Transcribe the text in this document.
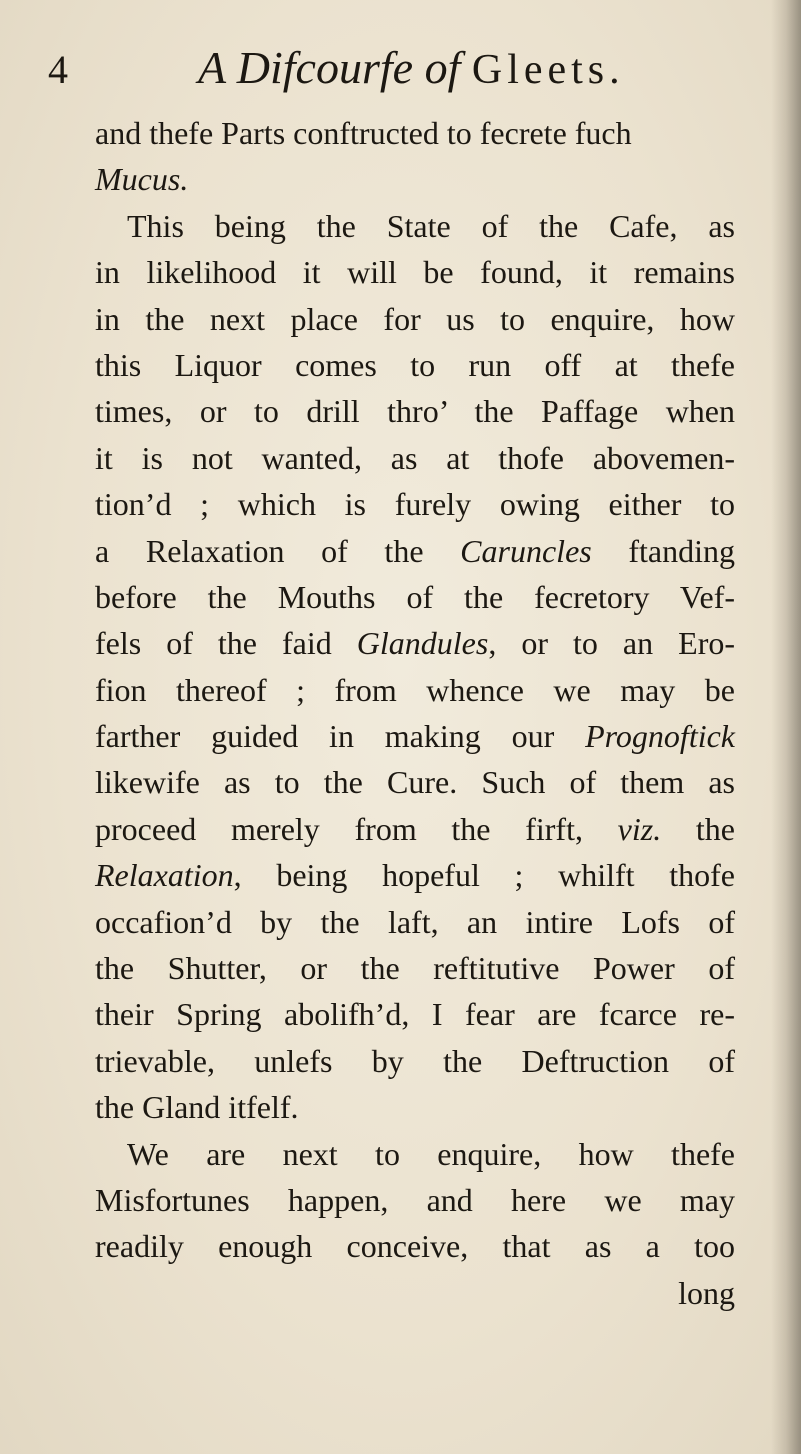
4	A Difcourfe of Gleets.
and thefe Parts conftructed to fecrete fuch
Mucus.
This being the State of the Cafe, as
in likelihood it will be found, it remains
in the next place for us to enquire, how
this Liquor comes to run off at thefe
times, or to drill thro’ the Paffage when
it is not wanted, as at thofe abovemen-
tion’d ; which is furely owing either to
a Relaxation of the Caruncles ftanding
before the Mouths of the fecretory Vef-
fels of the faid Glandules, or to an Ero-
fion thereof ; from whence we may be
farther guided in making our Prognoftick
likewife as to the Cure. Such of them as
proceed merely from the firft, viz. the
Relaxation, being hopeful ; whilft thofe
occafion’d by the laft, an intire Lofs of
the Shutter, or the reftitutive Power of
their Spring abolifh’d, I fear are fcarce re-
trievable, unlefs by the Deftruction of
the Gland itfelf.
We are next to enquire, how thefe
Misfortunes happen, and here we may
readily enough conceive, that as a too
long
